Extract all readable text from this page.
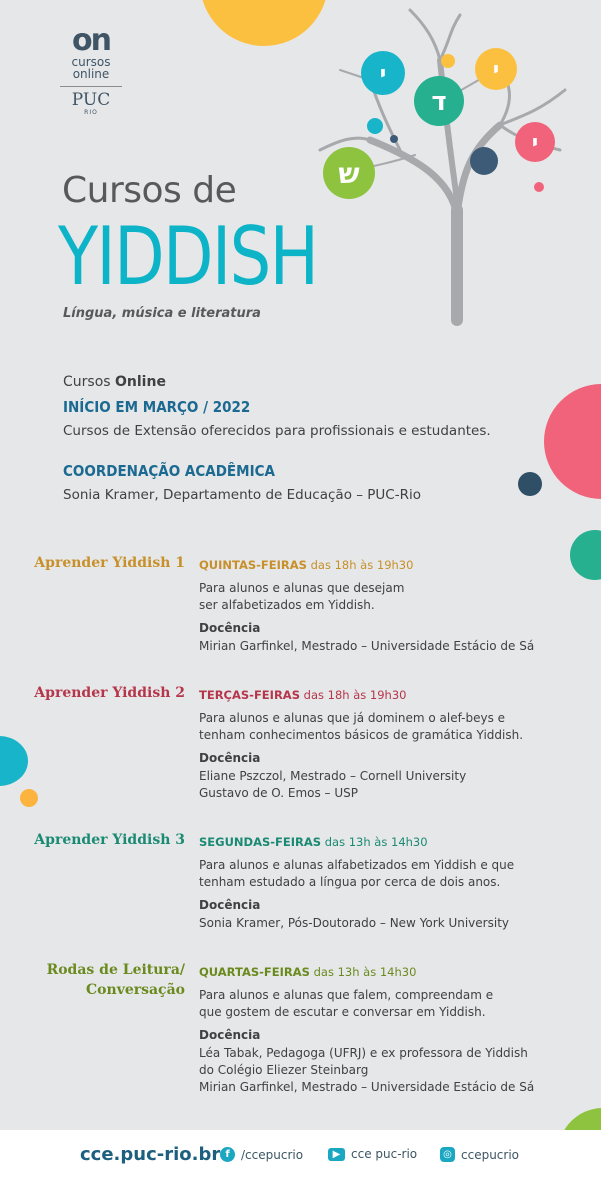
י
ד
י
י
ש
on
cursos
online
PUC
RIO
Cursos de
YIDDISH
Língua, música e literatura
Cursos Online
INÍCIO EM MARÇO / 2022
Cursos de Extensão oferecidos para profissionais e estudantes.
COORDENAÇÃO ACADÊMICA
Sonia Kramer, Departamento de Educação – PUC-Rio
Aprender Yiddish 1 QUINTAS-FEIRAS das 18h às 19h30
Para alunos e alunas que desejam
ser alfabetizados em Yiddish.
Docência
Mirian Garfinkel, Mestrado – Universidade Estácio de Sá
Aprender Yiddish 2 TERÇAS-FEIRAS das 18h às 19h30
Para alunos e alunas que já dominem o alef-beys e
tenham conhecimentos básicos de gramática Yiddish.
Docência
Eliane Pszczol, Mestrado – Cornell University
Gustavo de O. Emos – USP
Aprender Yiddish 3 SEGUNDAS-FEIRAS das 13h às 14h30
Para alunos e alunas alfabetizados em Yiddish e que
tenham estudado a língua por cerca de dois anos.
Docência
Sonia Kramer, Pós-Doutorado – New York University
Rodas de Leitura/
Conversação
QUARTAS-FEIRAS das 13h às 14h30
Para alunos e alunas que falem, compreendam e
que gostem de escutar e conversar em Yiddish.
Docência
Léa Tabak, Pedagoga (UFRJ) e ex professora de Yiddish
do Colégio Eliezer Steinbarg
Mirian Garfinkel, Mestrado – Universidade Estácio de Sá
cce.puc-rio.br f /ccepucrio	▶ cce puc-rio	◎ ccepucrio
